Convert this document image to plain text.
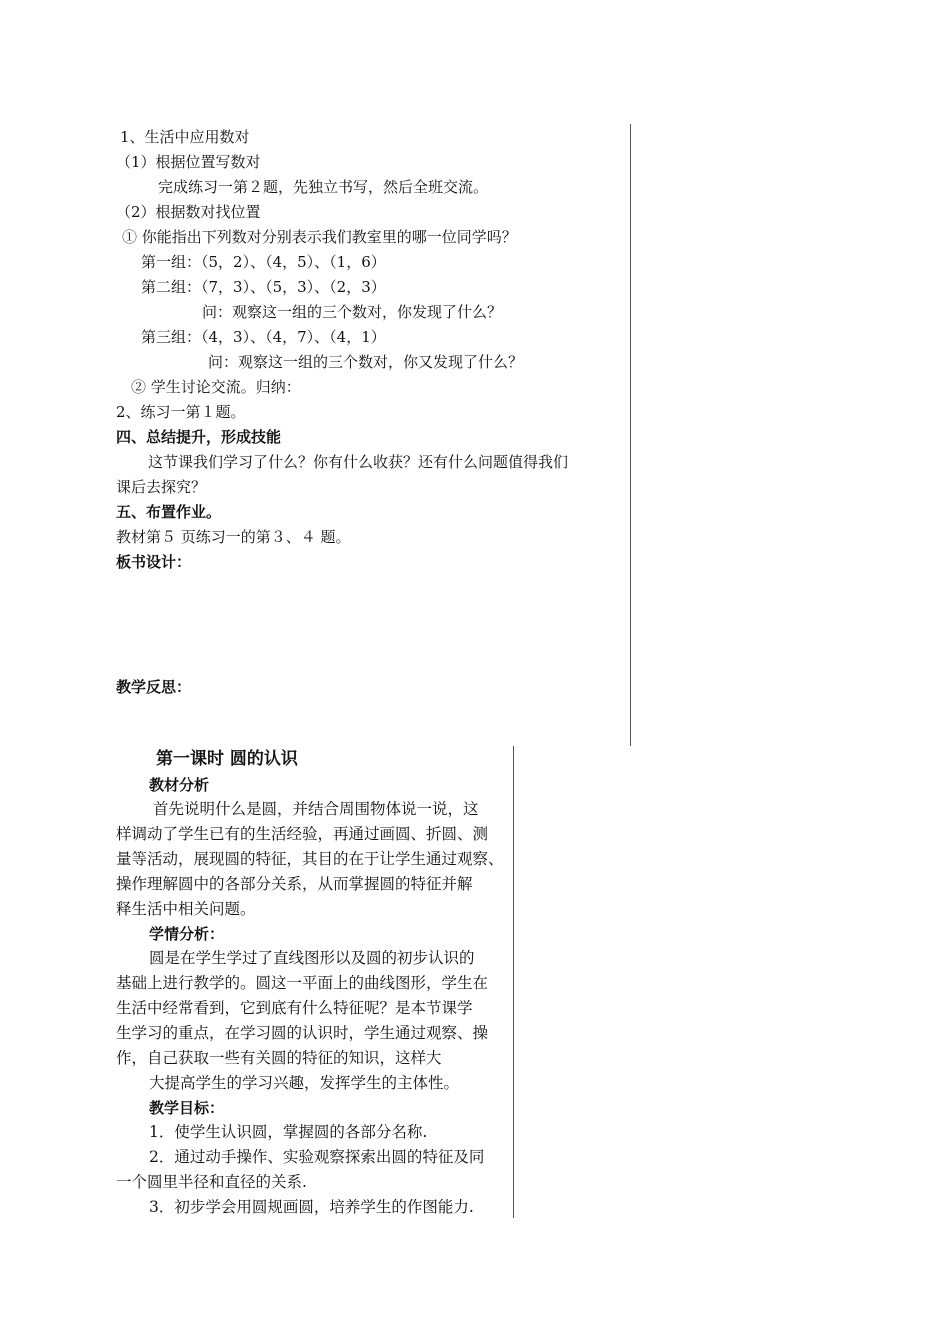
1、生活中应用数对
（1）根据位置写数对
完成练习一第２题，先独立书写，然后全班交流。
（2）根据数对找位置
① 你能指出下列数对分别表示我们教室里的哪一位同学吗？
第一组：（5，2）、（4，5）、（1，6）
第二组：（7，3）、（5，3）、（2，3）
问：观察这一组的三个数对，你发现了什么？
第三组：（4，3）、（4，7）、（4，1）
问：观察这一组的三个数对，你又发现了什么？
② 学生讨论交流。归纳：
2、练习一第１题。
四、总结提升，形成技能
这节课我们学习了什么？你有什么收获？还有什么问题值得我们
课后去探究？
五、布置作业。
教材第５ 页练习一的第３、４ 题。
板书设计：
教学反思：
第一课时 圆的认识
教材分析
首先说明什么是圆，并结合周围物体说一说，这
样调动了学生已有的生活经验，再通过画圆、折圆、测
量等活动，展现圆的特征，其目的在于让学生通过观察、
操作理解圆中的各部分关系，从而掌握圆的特征并解
释生活中相关问题。
学情分析：
圆是在学生学过了直线图形以及圆的初步认识的
基础上进行教学的。圆这一平面上的曲线图形，学生在
生活中经常看到，它到底有什么特征呢？是本节课学
生学习的重点，在学习圆的认识时，学生通过观察、操
作，自己获取一些有关圆的特征的知识，这样大
大提高学生的学习兴趣，发挥学生的主体性。
教学目标：
1．使学生认识圆，掌握圆的各部分名称.
2．通过动手操作、实验观察探索出圆的特征及同
一个圆里半径和直径的关系.
3．初步学会用圆规画圆，培养学生的作图能力.
